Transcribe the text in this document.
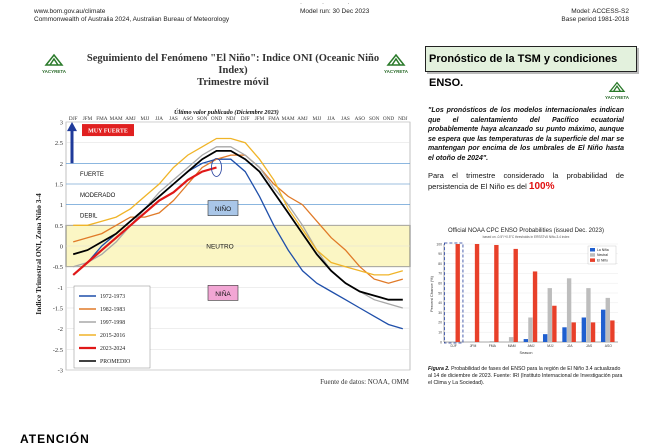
·            ·              ·
www.bom.gov.au/climate
Commonwealth of Australia 2024, Australian Bureau of Meteorology
Model run: 30 Dec 2023	Model: ACCESS-S2
Base period 1981-2018
YACYRETA	YACYRETA
Seguimiento del Fenómeno "El Niño": Indice ONI (Oceanic Niño Index)
Trimestre móvil
3
2.5
2
1.5
1
0.5
0
-0.5
-1
-1.5
-2
-2.5
-3
DJF JFM FMA MAM AMJ MJJ JJA JAS ASO SON OND NDJ DJF JFM FMA MAM AMJ MJJ JJA JAS ASO SON OND NDJ
MUY FUERTE
FUERTE
MODERADO
DEBIL
NIÑO
NEUTRO
NIÑA
1972-1973
1982-1983
1997-1998
2015-2016
2023-2024
PROMEDIO
Indice Trimestral ONI, Zona Niño 3-4
Último valor publicado (Diciembre 2023)
Fuente de datos: NOAA, OMM
Pronóstico de la TSM y condiciones ENSO.
YACYRETA
"Los pronósticos de los modelos internacionales indican que el calentamiento del Pacífico ecuatorial probablemente haya alcanzado su punto máximo, aunque se espera que las temperaturas de la superficie del mar se mantengan por encima de los umbrales de El Niño hasta el otoño de 2024".
Para el trimestre considerado la probabilidad de persistencia de El Niño es del 100%
Official NOAA CPC ENSO Probabilities (issued Dec. 2023)
based on -0.5°/+0.5°C thresholds in ERSSTv5 Niño-3.4 index
Season
Percent Chance (%)
0
10
20
30
40
50
60
70
80
90
100
DJF	JFM	FMA	MAM	AMJ	MJJ	JJA	JAS	ASO
La Niña
Neutral
El Niño
Figura 2. Probabilidad de fases del ENSO para la región de El Niño 3.4 actualizado al 14 de diciembre de 2023. Fuente: IRI (Instituto Internacional de Investigación para el Clima y La Sociedad).
ATENCIÓN
